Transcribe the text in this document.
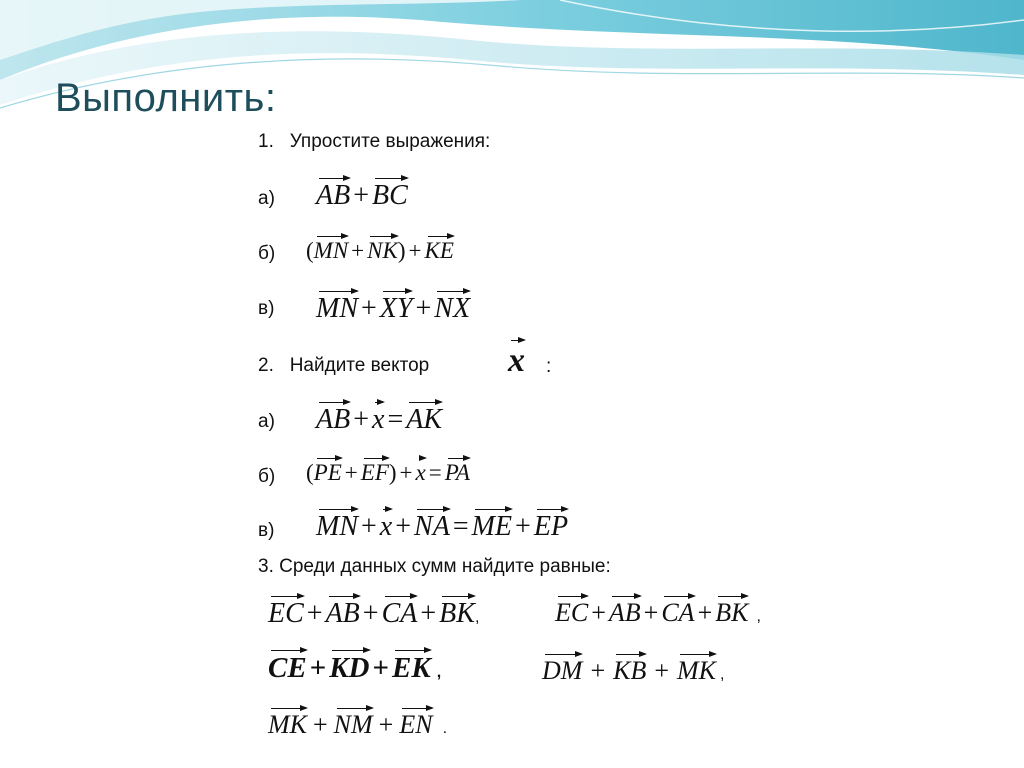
Выполнить:
1. Упростите выражения:
а) AB + BC
б) (MN + NK) + KE
в) MN + XY + NX
2. Найдите вектор x :
а) AB + x = AK
б) (PE + EF) + x = PA
в) MN + x + NA = ME + EP
3. Среди данных сумм найдите равные:
EC + AB + CA + BK,	EC + AB + CA + BK ,
CE + KD + EK ,	DM + KB + MK ,
MK + NM + EN .
